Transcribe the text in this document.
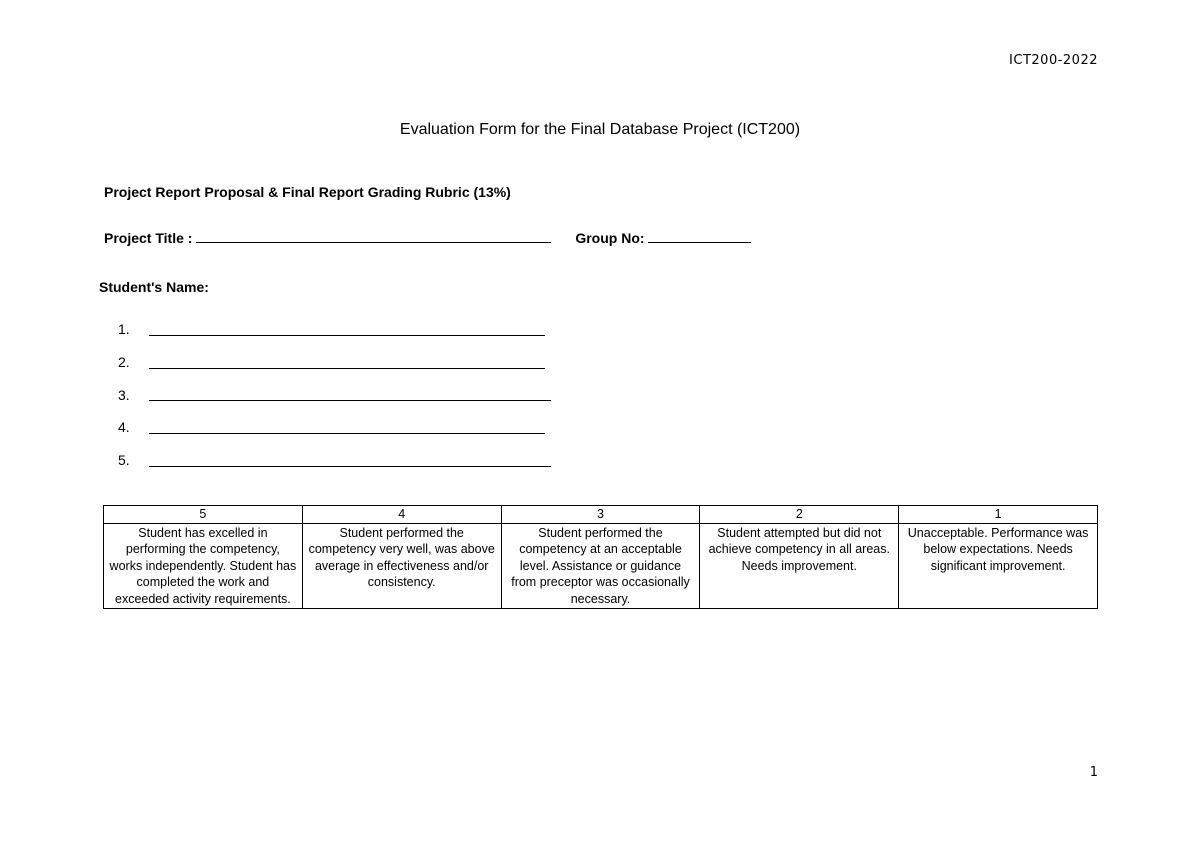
ICT200-2022
Evaluation Form for the Final Database Project (ICT200)
Project Report Proposal & Final Report Grading Rubric (13%)
Project Title :	Group No:
Student's Name:
1.
2.
3.
4.
5.
5	4	3	2	1
Student has excelled in performing the competency, works independently. Student has completed the work and exceeded activity requirements.	Student performed the competency very well, was above average in effectiveness and/or consistency.	Student performed the competency at an acceptable level. Assistance or guidance from preceptor was occasionally necessary.	Student attempted but did not achieve competency in all areas. Needs improvement.	Unacceptable. Performance was below expectations. Needs significant improvement.
1
